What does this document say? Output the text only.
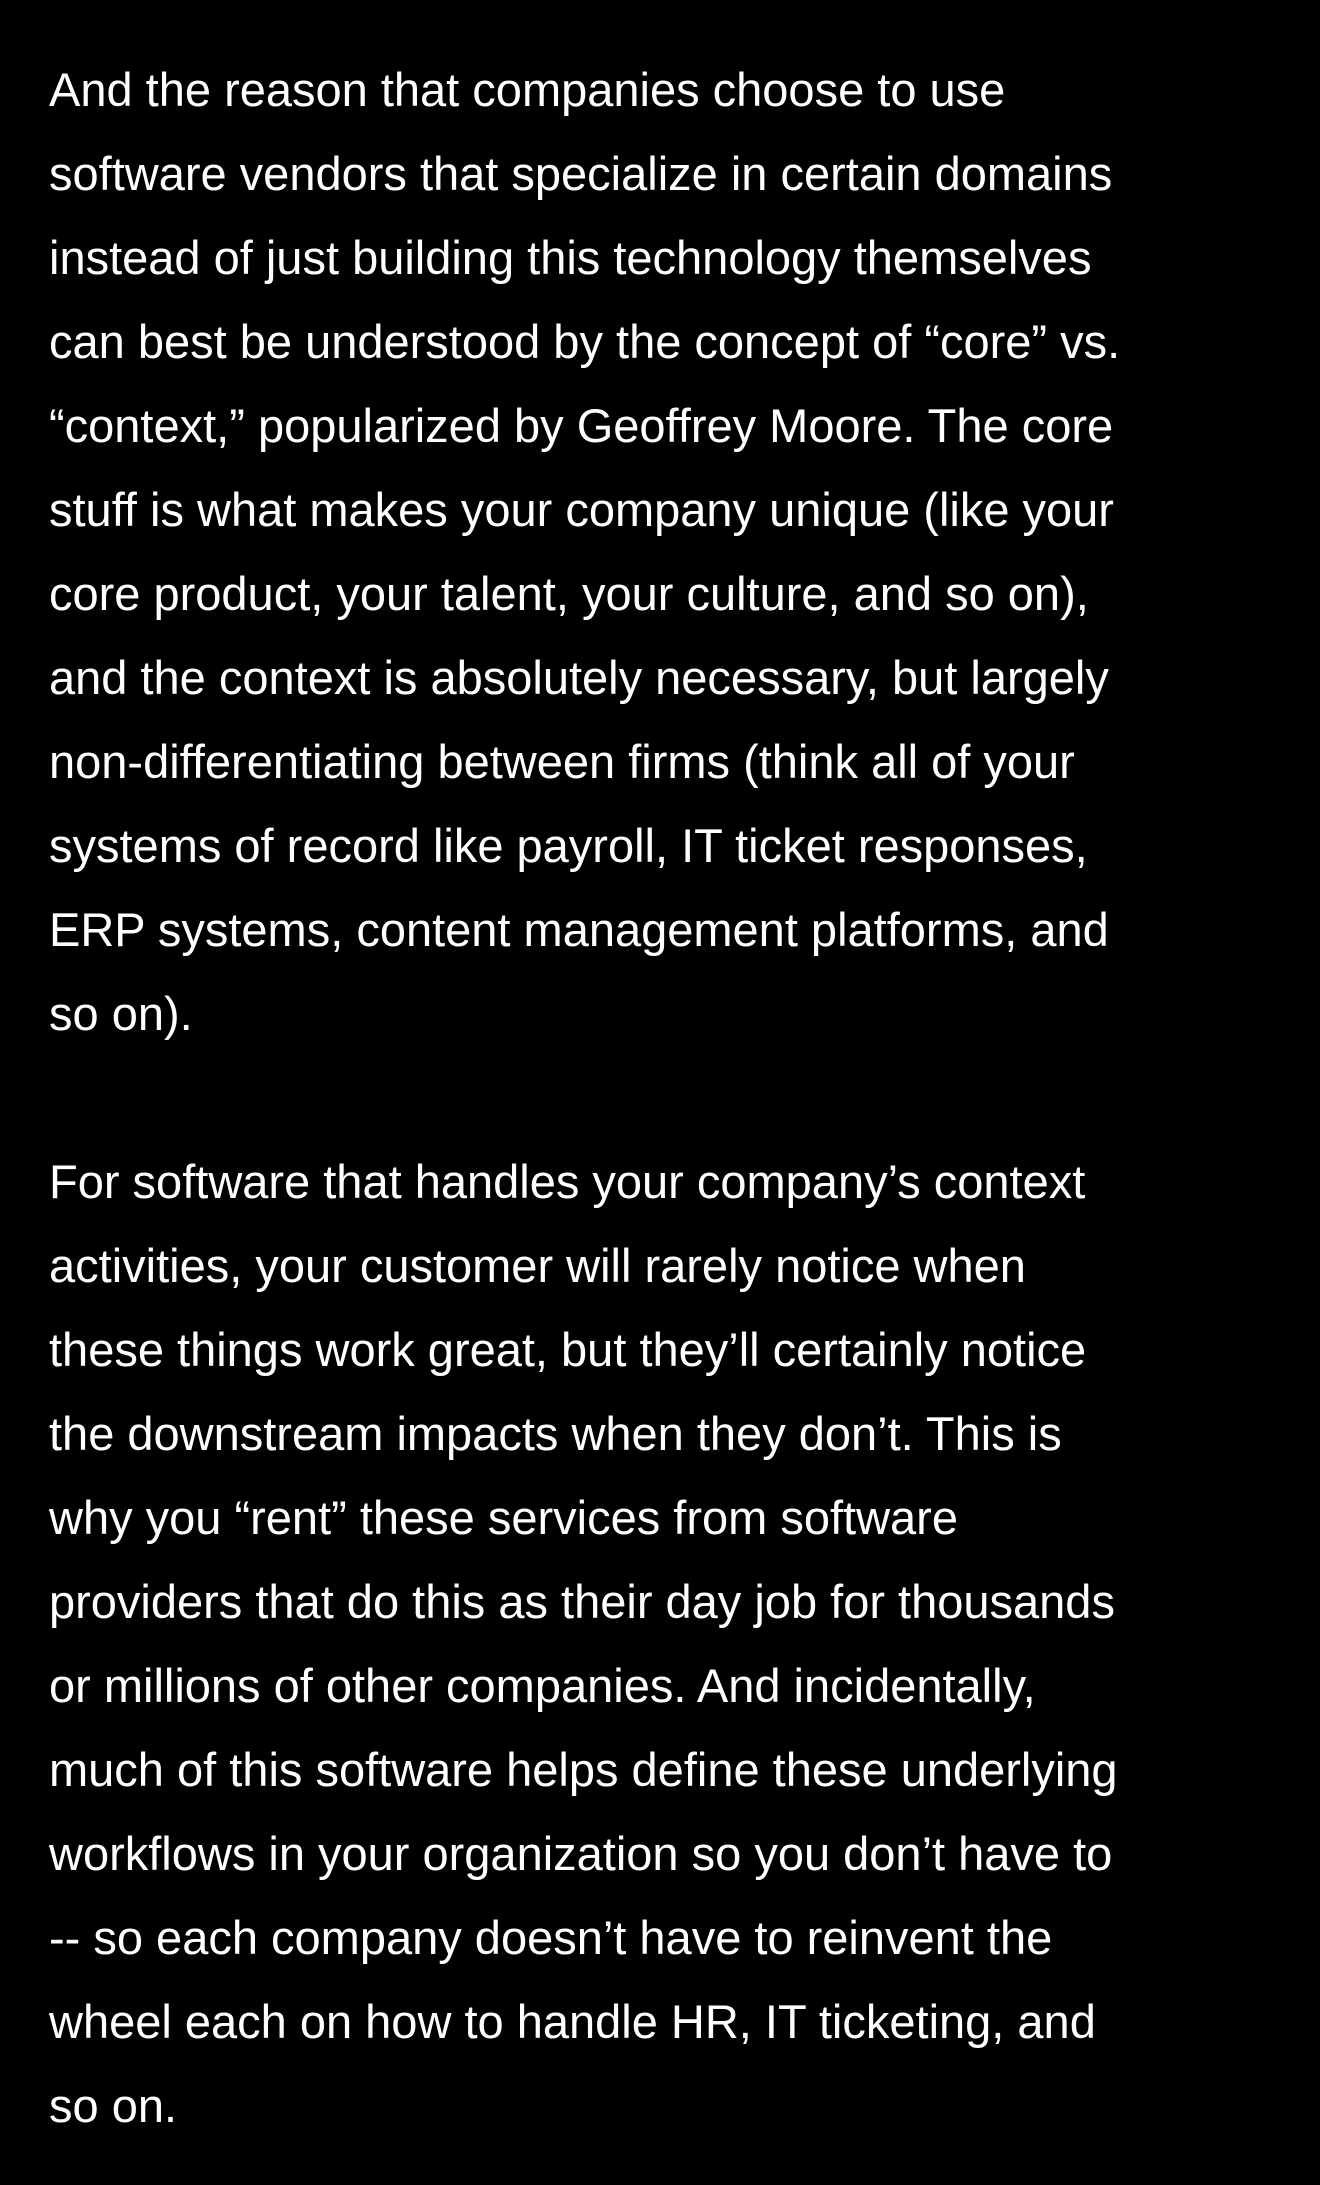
And the reason that companies choose to use
software vendors that specialize in certain domains
instead of just building this technology themselves
can best be understood by the concept of “core” vs.
“context,” popularized by Geoffrey Moore. The core
stuff is what makes your company unique (like your
core product, your talent, your culture, and so on),
and the context is absolutely necessary, but largely
non-differentiating between firms (think all of your
systems of record like payroll, IT ticket responses,
ERP systems, content management platforms, and
so on).
For software that handles your company’s context
activities, your customer will rarely notice when
these things work great, but they’ll certainly notice
the downstream impacts when they don’t. This is
why you “rent” these services from software
providers that do this as their day job for thousands
or millions of other companies. And incidentally,
much of this software helps define these underlying
workflows in your organization so you don’t have to
-- so each company doesn’t have to reinvent the
wheel each on how to handle HR, IT ticketing, and
so on.
